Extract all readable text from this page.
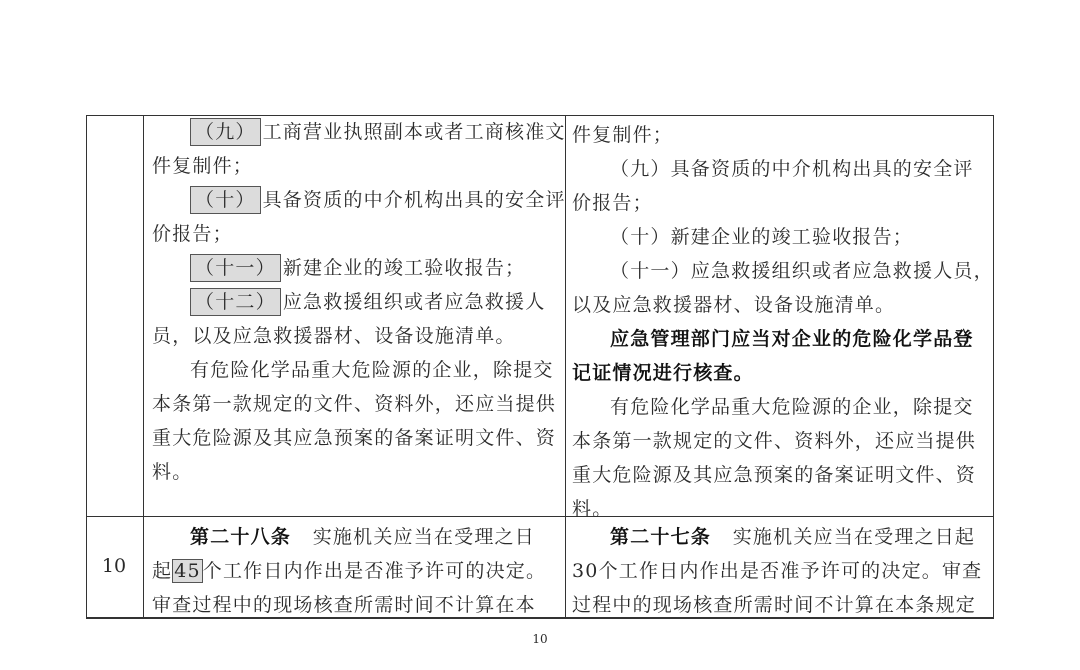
（九） 工商营业执照副本或者工商核准文
件复制件；
（十） 具备资质的中介机构出具的安全评
价报告；
（十一） 新建企业的竣工验收报告；
（十二） 应急救援组织或者应急救援人
员，以及应急救援器材、设备设施清单。
有危险化学品重大危险源的企业，除提交
本条第一款规定的文件、资料外，还应当提供
重大危险源及其应急预案的备案证明文件、资
料。
件复制件；
（九）具备资质的中介机构出具的安全评
价报告；
（十）新建企业的竣工验收报告；
（十一）应急救援组织或者应急救援人员，
以及应急救援器材、设备设施清单。
应急管理部门应当对企业的危险化学品登
记证情况进行核查。
有危险化学品重大危险源的企业，除提交
本条第一款规定的文件、资料外，还应当提供
重大危险源及其应急预案的备案证明文件、资
料。
10
第二十八条 实施机关应当在受理之日
起 45 个工作日内作出是否准予许可的决定。
审查过程中的现场核查所需时间不计算在本
第二十七条 实施机关应当在受理之日起
30个工作日内作出是否准予许可的决定。审查
过程中的现场核查所需时间不计算在本条规定
10
